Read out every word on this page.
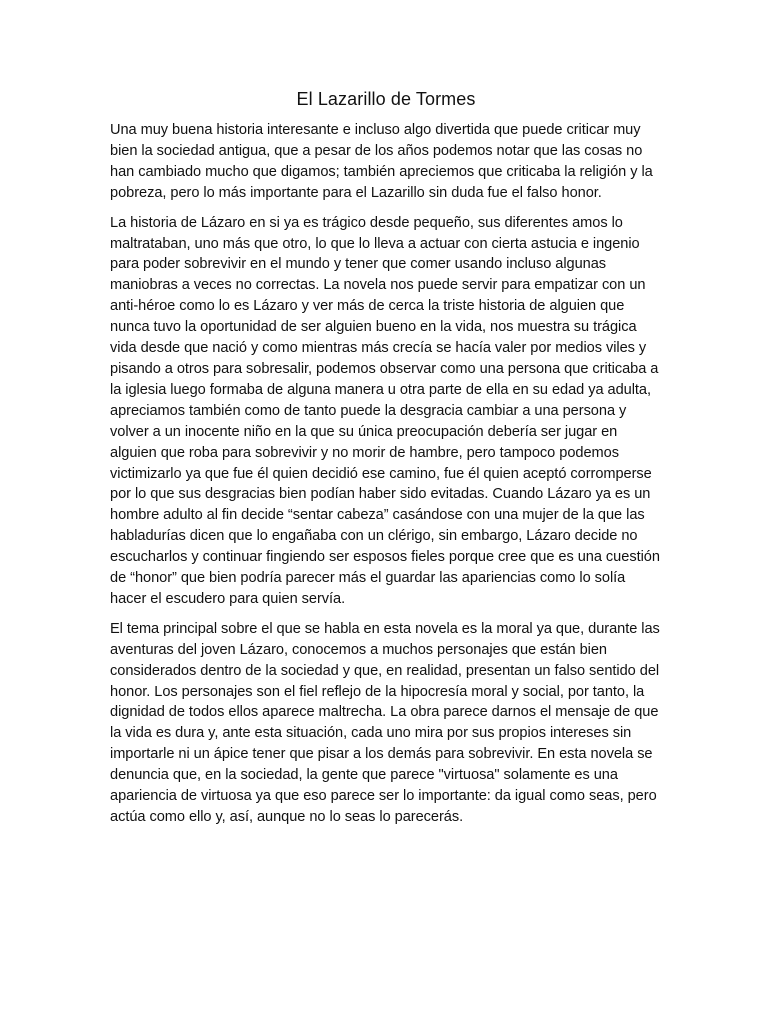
El Lazarillo de Tormes

Una muy buena historia interesante e incluso algo divertida que puede criticar muy bien la sociedad antigua, que a pesar de los años podemos notar que las cosas no han cambiado mucho que digamos; también apreciemos que criticaba la religión y la pobreza, pero lo más importante para el Lazarillo sin duda fue el falso honor.

La historia de Lázaro en si ya es trágico desde pequeño, sus diferentes amos lo maltrataban, uno más que otro, lo que lo lleva a actuar con cierta astucia e ingenio para poder sobrevivir en el mundo y tener que comer usando incluso algunas maniobras a veces no correctas. La novela nos puede servir para empatizar con un anti-héroe como lo es Lázaro y ver más de cerca la triste historia de alguien que nunca tuvo la oportunidad de ser alguien bueno en la vida, nos muestra su trágica vida desde que nació y como mientras más crecía se hacía valer por medios viles y pisando a otros para sobresalir, podemos observar como una persona que criticaba a la iglesia luego formaba de alguna manera u otra parte de ella en su edad ya adulta, apreciamos también como de tanto puede la desgracia cambiar a una persona y volver a un inocente niño en la que su única preocupación debería ser jugar en alguien que roba para sobrevivir y no morir de hambre, pero tampoco podemos victimizarlo ya que fue él quien decidió ese camino, fue él quien aceptó corromperse por lo que sus desgracias bien podían haber sido evitadas. Cuando Lázaro ya es un hombre adulto al fin decide “sentar cabeza” casándose con una mujer de la que las habladurías dicen que lo engañaba con un clérigo, sin embargo, Lázaro decide no escucharlos y continuar fingiendo ser esposos fieles porque cree que es una cuestión de “honor” que bien podría parecer más el guardar las apariencias como lo solía hacer el escudero para quien servía.

El tema principal sobre el que se habla en esta novela es la moral ya que, durante las aventuras del joven Lázaro, conocemos a muchos personajes que están bien considerados dentro de la sociedad y que, en realidad, presentan un falso sentido del honor. Los personajes son el fiel reflejo de la hipocresía moral y social, por tanto, la dignidad de todos ellos aparece maltrecha. La obra parece darnos el mensaje de que la vida es dura y, ante esta situación, cada uno mira por sus propios intereses sin importarle ni un ápice tener que pisar a los demás para sobrevivir. En esta novela se denuncia que, en la sociedad, la gente que parece "virtuosa" solamente es una apariencia de virtuosa ya que eso parece ser lo importante: da igual como seas, pero actúa como ello y, así, aunque no lo seas lo parecerás.
